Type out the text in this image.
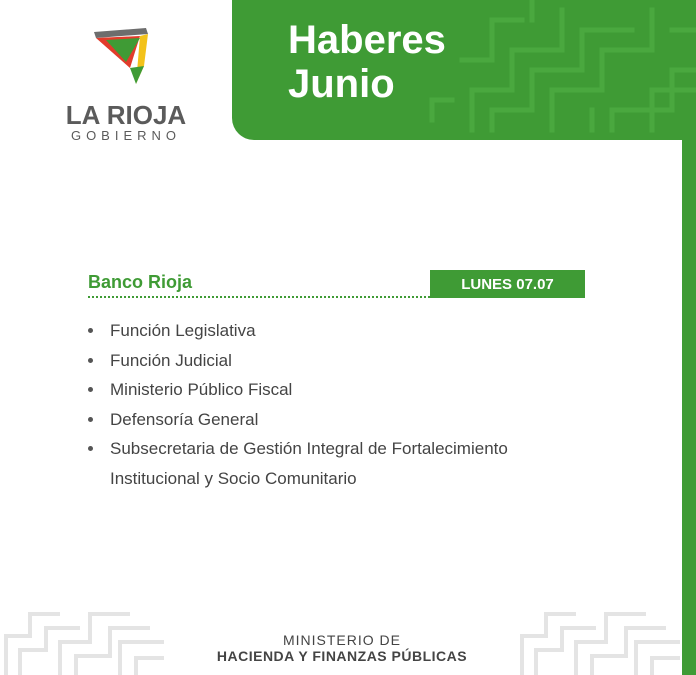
LA RIOJA
GOBIERNO
Haberes
Junio
Banco Rioja	LUNES 07.07
Función Legislativa
Función Judicial
Ministerio Público Fiscal
Defensoría General
Subsecretaria de Gestión Integral de Fortalecimiento Institucional y Socio Comunitario
MINISTERIO DE
HACIENDA Y FINANZAS PÚBLICAS
